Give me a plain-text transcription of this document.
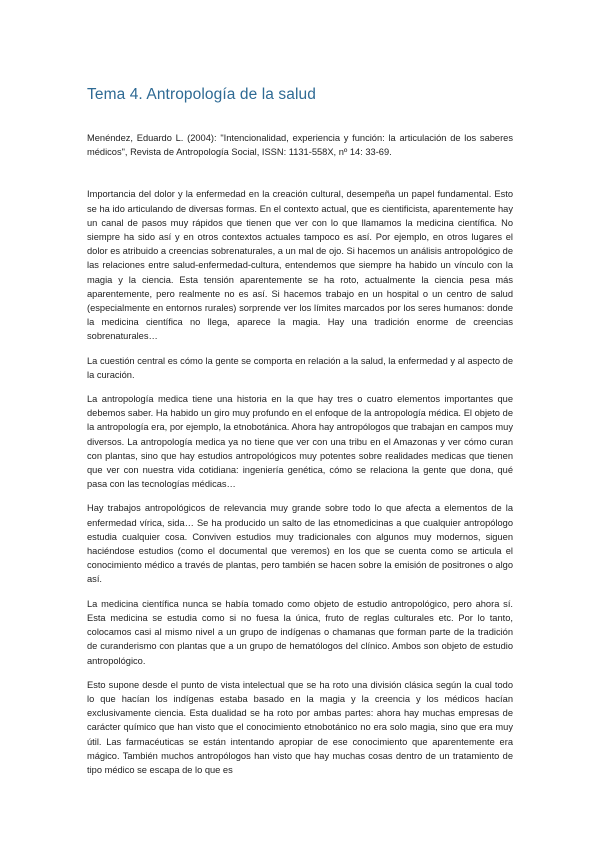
Tema 4. Antropología de la salud

Menéndez, Eduardo L. (2004): "Intencionalidad, experiencia y función: la articulación de los saberes médicos", Revista de Antropología Social, ISSN: 1131-558X, nº 14: 33-69.

Importancia del dolor y la enfermedad en la creación cultural, desempeña un papel fundamental. Esto se ha ido articulando de diversas formas. En el contexto actual, que es cientificista, aparentemente hay un canal de pasos muy rápidos que tienen que ver con lo que llamamos la medicina científica. No siempre ha sido así y en otros contextos actuales tampoco es así. Por ejemplo, en otros lugares el dolor es atribuido a creencias sobrenaturales, a un mal de ojo. Si hacemos un análisis antropológico de las relaciones entre salud-enfermedad-cultura, entendemos que siempre ha habido un vínculo con la magia y la ciencia. Esta tensión aparentemente se ha roto, actualmente la ciencia pesa más aparentemente, pero realmente no es así. Si hacemos trabajo en un hospital o un centro de salud (especialmente en entornos rurales) sorprende ver los límites marcados por los seres humanos: donde la medicina científica no llega, aparece la magia. Hay una tradición enorme de creencias sobrenaturales…

La cuestión central es cómo la gente se comporta en relación a la salud, la enfermedad y al aspecto de la curación.

La antropología medica tiene una historia en la que hay tres o cuatro elementos importantes que debemos saber. Ha habido un giro muy profundo en el enfoque de la antropología médica. El objeto de la antropología era, por ejemplo, la etnobotánica. Ahora hay antropólogos que trabajan en campos muy diversos. La antropología medica ya no tiene que ver con una tribu en el Amazonas y ver cómo curan con plantas, sino que hay estudios antropológicos muy potentes sobre realidades medicas que tienen que ver con nuestra vida cotidiana: ingeniería genética, cómo se relaciona la gente que dona, qué pasa con las tecnologías médicas…

Hay trabajos antropológicos de relevancia muy grande sobre todo lo que afecta a elementos de la enfermedad vírica, sida… Se ha producido un salto de las etnomedicinas a que cualquier antropólogo estudia cualquier cosa. Conviven estudios muy tradicionales con algunos muy modernos, siguen haciéndose estudios (como el documental que veremos) en los que se cuenta como se articula el conocimiento médico a través de plantas, pero también se hacen sobre la emisión de positrones o algo así.

La medicina científica nunca se había tomado como objeto de estudio antropológico, pero ahora sí. Esta medicina se estudia como si no fuesa la única, fruto de reglas culturales etc. Por lo tanto, colocamos casi al mismo nivel a un grupo de indígenas o chamanas que forman parte de la tradición de curanderismo con plantas que a un grupo de hematólogos del clínico. Ambos son objeto de estudio antropológico.

Esto supone desde el punto de vista intelectual que se ha roto una división clásica según la cual todo lo que hacían los indígenas estaba basado en la magia y la creencia y los médicos hacían exclusivamente ciencia. Esta dualidad se ha roto por ambas partes: ahora hay muchas empresas de carácter químico que han visto que el conocimiento etnobotánico no era solo magia, sino que era muy útil. Las farmacéuticas se están intentando apropiar de ese conocimiento que aparentemente era mágico. También muchos antropólogos han visto que hay muchas cosas dentro de un tratamiento de tipo médico se escapa de lo que es
